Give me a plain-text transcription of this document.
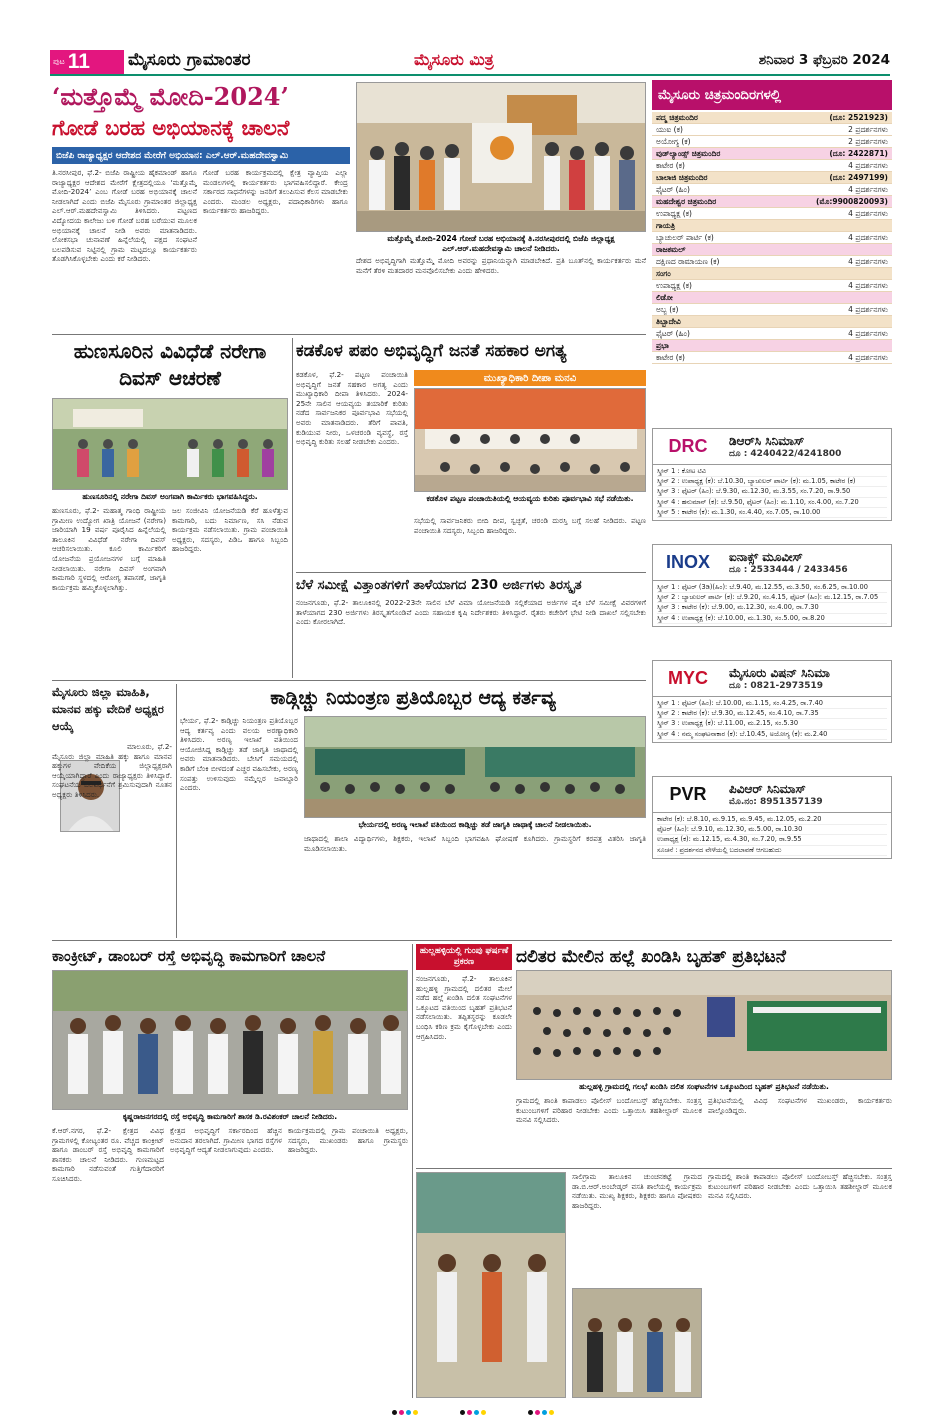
ಪುಟ 11 ಮೈಸೂರು ಗ್ರಾಮಾಂತರ	ಮೈಸೂರು ಮಿತ್ರ	ಶನಿವಾರ 3 ಫೆಬ್ರವರಿ 2024
‘ಮತ್ತೊಮ್ಮೆ ಮೋದಿ-2024’
ಗೋಡೆ ಬರಹ ಅಭಿಯಾನಕ್ಕೆ ಚಾಲನೆ
ಬಿಜೆಪಿ ರಾಜ್ಯಾಧ್ಯಕ್ಷರ ಆದೇಶದ ಮೇರೆಗೆ ಅಭಿಯಾನ: ಎಲ್.ಆರ್.ಮಹದೇವಸ್ವಾಮಿ
ತಿ.ನರಸೀಪುರ, ಫೆ.2- ಬಿಜೆಪಿ ರಾಷ್ಟ್ರೀಯ ಹೈಕಮಾಂಡ್ ಹಾಗೂ ರಾಜ್ಯಾಧ್ಯಕ್ಷರ ಆದೇಶದ ಮೇರೆಗೆ ಕ್ಷೇತ್ರದಲ್ಲಿಯೂ ‘ಮತ್ತೊಮ್ಮೆ ಮೋದಿ-2024’ ಎಂಬ ಗೋಡೆ ಬರಹ ಅಭಿಯಾನಕ್ಕೆ ಚಾಲನೆ ನೀಡಲಾಗಿದೆ ಎಂದು ಬಿಜೆಪಿ ಮೈಸೂರು ಗ್ರಾಮಾಂತರ ಜಿಲ್ಲಾಧ್ಯಕ್ಷ ಎಲ್.ಆರ್.ಮಹದೇವಸ್ವಾಮಿ ತಿಳಿಸಿದರು. ಪಟ್ಟಣದ ವಿದ್ಯೋದಯ ಕಾಲೇಜು ಬಳಿ ಗೋಡೆ ಬರಹ ಬರೆಯುವ ಮೂಲಕ ಅಭಿಯಾನಕ್ಕೆ ಚಾಲನೆ ನೀಡಿ ಅವರು ಮಾತನಾಡಿದರು. ಲೋಕಸಭಾ ಚುನಾವಣೆ ಹಿನ್ನೆಲೆಯಲ್ಲಿ ಪಕ್ಷದ ಸಂಘಟನೆ ಬಲಪಡಿಸುವ ನಿಟ್ಟಿನಲ್ಲಿ ಗ್ರಾಮ ಮಟ್ಟದಲ್ಲೂ ಕಾರ್ಯಕರ್ತರು ತೊಡಗಿಸಿಕೊಳ್ಳಬೇಕು ಎಂದು ಕರೆ ನೀಡಿದರು.
ಗೋಡೆ ಬರಹ ಕಾರ್ಯಕ್ರಮದಲ್ಲಿ ಕ್ಷೇತ್ರ ವ್ಯಾಪ್ತಿಯ ಎಲ್ಲಾ ಮಂಡಲಗಳಲ್ಲಿ ಕಾರ್ಯಕರ್ತರು ಭಾಗವಹಿಸಲಿದ್ದಾರೆ. ಕೇಂದ್ರ ಸರ್ಕಾರದ ಸಾಧನೆಗಳನ್ನು ಜನರಿಗೆ ತಲುಪಿಸುವ ಕೆಲಸ ಮಾಡಬೇಕು ಎಂದರು. ಮಂಡಲ ಅಧ್ಯಕ್ಷರು, ಪದಾಧಿಕಾರಿಗಳು ಹಾಗೂ ಕಾರ್ಯಕರ್ತರು ಹಾಜರಿದ್ದರು.
ಮತ್ತೊಮ್ಮೆ ಮೋದಿ-2024 ಗೋಡೆ ಬರಹ ಅಭಿಯಾನಕ್ಕೆ ತಿ.ನರಸೀಪುರದಲ್ಲಿ ಬಿಜೆಪಿ ಜಿಲ್ಲಾಧ್ಯಕ್ಷ ಎಲ್.ಆರ್.ಮಹದೇವಸ್ವಾಮಿ ಚಾಲನೆ ನೀಡಿದರು.
ದೇಶದ ಅಭಿವೃದ್ಧಿಗಾಗಿ ಮತ್ತೊಮ್ಮೆ ಮೋದಿ ಅವರನ್ನು ಪ್ರಧಾನಿಯನ್ನಾಗಿ ಮಾಡಬೇಕಿದೆ. ಪ್ರತಿ ಬೂತ್‌ನಲ್ಲಿ ಕಾರ್ಯಕರ್ತರು ಮನೆ ಮನೆಗೆ ತೆರಳಿ ಮತದಾರರ ಮನವೊಲಿಸಬೇಕು ಎಂದು ಹೇಳಿದರು.
ಮೈಸೂರು ಚಿತ್ರಮಂದಿರಗಳಲ್ಲಿ
ಪದ್ಮ ಚಿತ್ರಮಂದಿರ	(ದೂ: 2521923)
ಯುಐ (ಕ)	2 ಪ್ರದರ್ಶನಗಳು
ಅಯೋಗ್ಯ (ಕ)	2 ಪ್ರದರ್ಶನಗಳು
ವುಡ್‌ಲ್ಯಾಂಡ್ಸ್ ಚಿತ್ರಮಂದಿರ	(ದೂ: 2422871)
ಕಾಟೇರ (ಕ)	4 ಪ್ರದರ್ಶನಗಳು
ಬಾಲಾಜಿ ಚಿತ್ರಮಂದಿರ	(ದೂ: 2497199)
ಫೈಟರ್ (ಹಿಂ)	4 ಪ್ರದರ್ಶನಗಳು
ಮಹದೇಶ್ವರ ಚಿತ್ರಮಂದಿರ	(ಮೊ:9900820093)
ಉಪಾಧ್ಯಕ್ಷ (ಕ)	4 ಪ್ರದರ್ಶನಗಳು
ಗಾಯತ್ರಿ
ಬ್ಯಾಚುಲರ್ ಪಾರ್ಟಿ (ಕ)	4 ಪ್ರದರ್ಶನಗಳು
ರಾಜಕಮಲ್
ದಕ್ಷಿಣದ ರಾಮಾಯಣ (ಕ)	4 ಪ್ರದರ್ಶನಗಳು
ಸಂಗಂ
ಉಪಾಧ್ಯಕ್ಷ (ಕ)	4 ಪ್ರದರ್ಶನಗಳು
ಲಿಡೋ
ಅಬ್ಬ (ಕ)	4 ಪ್ರದರ್ಶನಗಳು
ತಿಬ್ಬಾದೇವಿ
ಫೈಟರ್ (ಹಿಂ)	4 ಪ್ರದರ್ಶನಗಳು
ಪ್ರಭಾ
ಕಾಟೇರ (ಕ)	4 ಪ್ರದರ್ಶನಗಳು
DRC	ಡಿಆರ್‌ಸಿ ಸಿನಿಮಾಸ್
ದೂ : 4240422/4241800
ಸ್ಕ್ರೀನ್ 1 : ಕೋಟ ಟಿವಿ
ಸ್ಕ್ರೀನ್ 2 : ಉಪಾಧ್ಯಕ್ಷ (ಕ): ಬೆ.10.30, ಬ್ಯಾಚುಲರ್ ಪಾರ್ಟಿ (ಕ): ಮ.1.05, ಕಾಟೇರ (ಕ)
ಸ್ಕ್ರೀನ್ 3 : ಫೈಟರ್ (ಹಿಂ): ಬೆ.9.30, ಮ.12.30, ಮ.3.55, ಸಂ.7.20, ರಾ.9.50
ಸ್ಕ್ರೀನ್ 4 : ಹನುಮಾನ್ (ಕ): ಬೆ.9.50, ಫೈಟರ್ (ಹಿಂ): ಮ.1.10, ಸಂ.4.00, ಸಂ.7.20
ಸ್ಕ್ರೀನ್ 5 : ಕಾಟೇರ (ಕ): ಮ.1.30, ಸಂ.4.40, ಸಂ.7.05, ರಾ.10.00
INOX	ಐನಾಕ್ಸ್ ಮೂವೀಸ್
ದೂ : 2533444 / 2433456
ಸ್ಕ್ರೀನ್ 1 : ಫೈಟರ್ (3ಡಿ)(ಹಿಂ): ಬೆ.9.40, ಮ.12.55, ಮ.3.50, ಸಂ.6.25, ರಾ.10.00
ಸ್ಕ್ರೀನ್ 2 : ಬ್ಯಾಚುಲರ್ ಪಾರ್ಟಿ (ಕ): ಬೆ.9.20, ಸಂ.4.15, ಫೈಟರ್ (ಹಿಂ): ಮ.12.15, ರಾ.7.05
ಸ್ಕ್ರೀನ್ 3 : ಕಾಟೇರ (ಕ): ಬೆ.9.00, ಮ.12.30, ಸಂ.4.00, ರಾ.7.30
ಸ್ಕ್ರೀನ್ 4 : ಉಪಾಧ್ಯಕ್ಷ (ಕ): ಬೆ.10.00, ಮ.1.30, ಸಂ.5.00, ರಾ.8.20
MYC	ಮೈಸೂರು ವಿಷನ್ ಸಿನಿಮಾ
ದೂ : 0821-2973519
ಸ್ಕ್ರೀನ್ 1 : ಫೈಟರ್ (ಹಿಂ): ಬೆ.10.00, ಮ.1.15, ಸಂ.4.25, ರಾ.7.40
ಸ್ಕ್ರೀನ್ 2 : ಕಾಟೇರ (ಕ): ಬೆ.9.30, ಮ.12.45, ಸಂ.4.10, ರಾ.7.35
ಸ್ಕ್ರೀನ್ 3 : ಉಪಾಧ್ಯಕ್ಷ (ಕ): ಬೆ.11.00, ಮ.2.15, ಸಂ.5.30
ಸ್ಕ್ರೀನ್ 4 : ನಮ್ಮ ಸಂಘಟನಾಕಾರ (ಕ): ಬೆ.10.45, ಅಯೋಗ್ಯ (ಕ): ಮ.2.40
PVR	ಪಿವಿಆರ್ ಸಿನಿಮಾಸ್
ಮೊ.ನಂ: 8951357139
ಕಾಟೇರ (ಕ): ಬೆ.8.10, ಮ.9.15, ಮ.9.45, ಮ.12.05, ಮ.2.20
ಫೈಟರ್ (ಹಿಂ): ಬೆ.9.10, ಮ.12.30, ಮ.5.00, ರಾ.10.30
ಉಪಾಧ್ಯಕ್ಷ (ಕ): ಮ.12.15, ಮ.4.30, ಸಂ.7.20, ರಾ.9.55
ಸೂಚನೆ : ಪ್ರದರ್ಶನದ ವೇಳೆಯಲ್ಲಿ ಬದಲಾವಣೆ ಆಗಬಹುದು
ಹುಣಸೂರಿನ ವಿವಿಧೆಡೆ ನರೇಗಾ ದಿವಸ್ ಆಚರಣೆ
ಹುಣಸೂರಿನಲ್ಲಿ ನರೇಗಾ ದಿವಸ್ ಅಂಗವಾಗಿ ಕಾರ್ಮಿಕರು ಭಾಗವಹಿಸಿದ್ದರು.
ಹುಣಸೂರು, ಫೆ.2- ಮಹಾತ್ಮ ಗಾಂಧಿ ರಾಷ್ಟ್ರೀಯ ಗ್ರಾಮೀಣ ಉದ್ಯೋಗ ಖಾತ್ರಿ ಯೋಜನೆ (ನರೇಗಾ) ಜಾರಿಯಾಗಿ 19 ವರ್ಷ ಪೂರೈಸಿದ ಹಿನ್ನೆಲೆಯಲ್ಲಿ ತಾಲೂಕಿನ ವಿವಿಧೆಡೆ ನರೇಗಾ ದಿವಸ್ ಆಚರಿಸಲಾಯಿತು. ಕೂಲಿ ಕಾರ್ಮಿಕರಿಗೆ ಯೋಜನೆಯ ಪ್ರಯೋಜನಗಳ ಬಗ್ಗೆ ಮಾಹಿತಿ ನೀಡಲಾಯಿತು. ನರೇಗಾ ದಿವಸ್ ಅಂಗವಾಗಿ ಕಾಮಗಾರಿ ಸ್ಥಳದಲ್ಲಿ ಆರೋಗ್ಯ ತಪಾಸಣೆ, ಜಾಗೃತಿ ಕಾರ್ಯಕ್ರಮ ಹಮ್ಮಿಕೊಳ್ಳಲಾಗಿತ್ತು.
ಜಲ ಸಂಜೀವಿನಿ ಯೋಜನೆಯಡಿ ಕೆರೆ ಹೂಳೆತ್ತುವ ಕಾಮಗಾರಿ, ಬದು ನಿರ್ಮಾಣ, ಸಸಿ ನೆಡುವ ಕಾರ್ಯಕ್ರಮ ನಡೆಸಲಾಯಿತು. ಗ್ರಾಮ ಪಂಚಾಯಿತಿ ಅಧ್ಯಕ್ಷರು, ಸದಸ್ಯರು, ಪಿಡಿಒ ಹಾಗೂ ಸಿಬ್ಬಂದಿ ಹಾಜರಿದ್ದರು.
ಕಡಕೊಳ ಪಪಂ ಅಭಿವೃದ್ಧಿಗೆ ಜನತೆ ಸಹಕಾರ ಅಗತ್ಯ
ಕಡಕೊಳ, ಫೆ.2- ಪಟ್ಟಣ ಪಂಚಾಯಿತಿ ಅಭಿವೃದ್ಧಿಗೆ ಜನತೆ ಸಹಕಾರ ಅಗತ್ಯ ಎಂದು ಮುಖ್ಯಾಧಿಕಾರಿ ದೀಪಾ ತಿಳಿಸಿದರು. 2024-25ನೇ ಸಾಲಿನ ಆಯವ್ಯಯ ತಯಾರಿಕೆ ಕುರಿತು ನಡೆದ ಸಾರ್ವಜನಿಕರ ಪೂರ್ವಭಾವಿ ಸಭೆಯಲ್ಲಿ ಅವರು ಮಾತನಾಡಿದರು. ತೆರಿಗೆ ಪಾವತಿ, ಕುಡಿಯುವ ನೀರು, ಒಳಚರಂಡಿ ವ್ಯವಸ್ಥೆ, ರಸ್ತೆ ಅಭಿವೃದ್ಧಿ ಕುರಿತು ಸಲಹೆ ನೀಡಬೇಕು ಎಂದರು.
ಮುಖ್ಯಾಧಿಕಾರಿ ದೀಪಾ ಮನವಿ
ಕಡಕೊಳ ಪಟ್ಟಣ ಪಂಚಾಯಿತಿಯಲ್ಲಿ ಆಯವ್ಯಯ ಕುರಿತು ಪೂರ್ವಭಾವಿ ಸಭೆ ನಡೆಯಿತು.
ಸಭೆಯಲ್ಲಿ ಸಾರ್ವಜನಿಕರು ಬೀದಿ ದೀಪ, ಸ್ವಚ್ಛತೆ, ಚರಂಡಿ ದುರಸ್ತಿ ಬಗ್ಗೆ ಸಲಹೆ ನೀಡಿದರು. ಪಟ್ಟಣ ಪಂಚಾಯಿತಿ ಸದಸ್ಯರು, ಸಿಬ್ಬಂದಿ ಹಾಜರಿದ್ದರು.
ಬೆಳೆ ಸಮೀಕ್ಷೆ ವಿತ್ತಾಂತಗಳಿಗೆ ತಾಳೆಯಾಗದ 230 ಅರ್ಜಿಗಳು ತಿರಸ್ಕೃತ
ನಂಜನಗೂಡು, ಫೆ.2- ತಾಲೂಕಿನಲ್ಲಿ 2022-23ನೇ ಸಾಲಿನ ಬೆಳೆ ವಿಮಾ ಯೋಜನೆಯಡಿ ಸಲ್ಲಿಕೆಯಾದ ಅರ್ಜಿಗಳ ಪೈಕಿ ಬೆಳೆ ಸಮೀಕ್ಷೆ ವಿವರಗಳಿಗೆ ತಾಳೆಯಾಗದ 230 ಅರ್ಜಿಗಳು ತಿರಸ್ಕೃತಗೊಂಡಿವೆ ಎಂದು ಸಹಾಯಕ ಕೃಷಿ ನಿರ್ದೇಶಕರು ತಿಳಿಸಿದ್ದಾರೆ. ರೈತರು ಕಚೇರಿಗೆ ಭೇಟಿ ನೀಡಿ ದಾಖಲೆ ಸಲ್ಲಿಸಬೇಕು ಎಂದು ಕೋರಲಾಗಿದೆ.
ಮೈಸೂರು ಜಿಲ್ಲಾ ಮಾಹಿತಿ, ಮಾನವ ಹಕ್ಕು ವೇದಿಕೆ ಅಧ್ಯಕ್ಷರ ಆಯ್ಕೆ
ಮಾಲೂರು, ಫೆ.2- ಮೈಸೂರು ಜಿಲ್ಲಾ ಮಾಹಿತಿ ಹಕ್ಕು ಹಾಗೂ ಮಾನವ ಹಕ್ಕುಗಳ ವೇದಿಕೆಯ ಜಿಲ್ಲಾಧ್ಯಕ್ಷರಾಗಿ ಆಯ್ಕೆಯಾಗಿದ್ದಾರೆ ಎಂದು ರಾಜ್ಯಾಧ್ಯಕ್ಷರು ತಿಳಿಸಿದ್ದಾರೆ. ಸಂಘಟನೆಯ ಬಲವರ್ಧನೆಗೆ ಶ್ರಮಿಸುವುದಾಗಿ ನೂತನ ಅಧ್ಯಕ್ಷರು ತಿಳಿಸಿದರು.
ಕಾಡ್ಗಿಚ್ಚು ನಿಯಂತ್ರಣ ಪ್ರತಿಯೊಬ್ಬರ ಆದ್ಯ ಕರ್ತವ್ಯ
ಭೇರ್ಯ, ಫೆ.2- ಕಾಡ್ಗಿಚ್ಚು ನಿಯಂತ್ರಣ ಪ್ರತಿಯೊಬ್ಬರ ಆದ್ಯ ಕರ್ತವ್ಯ ಎಂದು ವಲಯ ಅರಣ್ಯಾಧಿಕಾರಿ ತಿಳಿಸಿದರು. ಅರಣ್ಯ ಇಲಾಖೆ ವತಿಯಿಂದ ಆಯೋಜಿಸಿದ್ದ ಕಾಡ್ಗಿಚ್ಚು ತಡೆ ಜಾಗೃತಿ ಜಾಥಾದಲ್ಲಿ ಅವರು ಮಾತನಾಡಿದರು. ಬೇಸಿಗೆ ಸಮಯದಲ್ಲಿ ಕಾಡಿಗೆ ಬೆಂಕಿ ಬೀಳದಂತೆ ಎಚ್ಚರ ವಹಿಸಬೇಕು, ಅರಣ್ಯ ಸಂಪತ್ತು ಉಳಿಸುವುದು ನಮ್ಮೆಲ್ಲರ ಜವಾಬ್ದಾರಿ ಎಂದರು.
ಭೇರ್ಯದಲ್ಲಿ ಅರಣ್ಯ ಇಲಾಖೆ ವತಿಯಿಂದ ಕಾಡ್ಗಿಚ್ಚು ತಡೆ ಜಾಗೃತಿ ಜಾಥಾಕ್ಕೆ ಚಾಲನೆ ನೀಡಲಾಯಿತು.
ಜಾಥಾದಲ್ಲಿ ಶಾಲಾ ವಿದ್ಯಾರ್ಥಿಗಳು, ಶಿಕ್ಷಕರು, ಇಲಾಖೆ ಸಿಬ್ಬಂದಿ ಭಾಗವಹಿಸಿ ಘೋಷಣೆ ಕೂಗಿದರು. ಗ್ರಾಮಸ್ಥರಿಗೆ ಕರಪತ್ರ ವಿತರಿಸಿ ಜಾಗೃತಿ ಮೂಡಿಸಲಾಯಿತು.
ಕಾಂಕ್ರೀಟ್, ಡಾಂಬರ್ ರಸ್ತೆ ಅಭಿವೃದ್ಧಿ ಕಾಮಗಾರಿಗೆ ಚಾಲನೆ
ಕೃಷ್ಣರಾಜನಗರದಲ್ಲಿ ರಸ್ತೆ ಅಭಿವೃದ್ಧಿ ಕಾಮಗಾರಿಗೆ ಶಾಸಕ ಡಿ.ರವಿಶಂಕರ್ ಚಾಲನೆ ನೀಡಿದರು.
ಕೆ.ಆರ್.ನಗರ, ಫೆ.2- ಕ್ಷೇತ್ರದ ವಿವಿಧ ಗ್ರಾಮಗಳಲ್ಲಿ ಕೋಟ್ಯಂತರ ರೂ. ವೆಚ್ಚದ ಕಾಂಕ್ರೀಟ್ ಹಾಗೂ ಡಾಂಬರ್ ರಸ್ತೆ ಅಭಿವೃದ್ಧಿ ಕಾಮಗಾರಿಗೆ ಶಾಸಕರು ಚಾಲನೆ ನೀಡಿದರು. ಗುಣಮಟ್ಟದ ಕಾಮಗಾರಿ ನಡೆಸುವಂತೆ ಗುತ್ತಿಗೆದಾರರಿಗೆ ಸೂಚಿಸಿದರು.
ಕ್ಷೇತ್ರದ ಅಭಿವೃದ್ಧಿಗೆ ಸರ್ಕಾರದಿಂದ ಹೆಚ್ಚಿನ ಅನುದಾನ ತರಲಾಗಿದೆ. ಗ್ರಾಮೀಣ ಭಾಗದ ರಸ್ತೆಗಳ ಅಭಿವೃದ್ಧಿಗೆ ಆದ್ಯತೆ ನೀಡಲಾಗುವುದು ಎಂದರು.
ಕಾರ್ಯಕ್ರಮದಲ್ಲಿ ಗ್ರಾಮ ಪಂಚಾಯಿತಿ ಅಧ್ಯಕ್ಷರು, ಸದಸ್ಯರು, ಮುಖಂಡರು ಹಾಗೂ ಗ್ರಾಮಸ್ಥರು ಹಾಜರಿದ್ದರು.
ಹುಲ್ಲಹಳ್ಳಿಯಲ್ಲಿ ಗುಂಪು ಘರ್ಷಣೆ ಪ್ರಕರಣ	ದಲಿತರ ಮೇಲಿನ ಹಲ್ಲೆ ಖಂಡಿಸಿ ಬೃಹತ್ ಪ್ರತಿಭಟನೆ
ನಂಜನಗೂಡು, ಫೆ.2- ತಾಲೂಕಿನ ಹುಲ್ಲಹಳ್ಳಿ ಗ್ರಾಮದಲ್ಲಿ ದಲಿತರ ಮೇಲೆ ನಡೆದ ಹಲ್ಲೆ ಖಂಡಿಸಿ ದಲಿತ ಸಂಘಟನೆಗಳ ಒಕ್ಕೂಟದ ವತಿಯಿಂದ ಬೃಹತ್ ಪ್ರತಿಭಟನೆ ನಡೆಸಲಾಯಿತು. ತಪ್ಪಿತಸ್ಥರನ್ನು ಕೂಡಲೇ ಬಂಧಿಸಿ ಕಠಿಣ ಕ್ರಮ ಕೈಗೊಳ್ಳಬೇಕು ಎಂದು ಆಗ್ರಹಿಸಿದರು.
ಹುಲ್ಲಹಳ್ಳಿ ಗ್ರಾಮದಲ್ಲಿ ಗಲಭೆ ಖಂಡಿಸಿ ದಲಿತ ಸಂಘಟನೆಗಳ ಒಕ್ಕೂಟದಿಂದ ಬೃಹತ್ ಪ್ರತಿಭಟನೆ ನಡೆಯಿತು.
ಗ್ರಾಮದಲ್ಲಿ ಶಾಂತಿ ಕಾಪಾಡಲು ಪೊಲೀಸ್ ಬಂದೋಬಸ್ತ್ ಹೆಚ್ಚಿಸಬೇಕು. ಸಂತ್ರಸ್ತ ಕುಟುಂಬಗಳಿಗೆ ಪರಿಹಾರ ನೀಡಬೇಕು ಎಂದು ಒತ್ತಾಯಿಸಿ ತಹಶೀಲ್ದಾರ್ ಮೂಲಕ ಮನವಿ ಸಲ್ಲಿಸಿದರು.
ಪ್ರತಿಭಟನೆಯಲ್ಲಿ ವಿವಿಧ ಸಂಘಟನೆಗಳ ಮುಖಂಡರು, ಕಾರ್ಯಕರ್ತರು ಪಾಲ್ಗೊಂಡಿದ್ದರು.
ಸಾಲಿಗ್ರಾಮ ತಾಲೂಕಿನ ಚುಂಚನಕಟ್ಟೆ ಗ್ರಾಮದ ಡಾ.ಬಿ.ಆರ್.ಅಂಬೇಡ್ಕರ್ ವಸತಿ ಶಾಲೆಯಲ್ಲಿ ಕಾರ್ಯಕ್ರಮ ನಡೆಯಿತು. ಮುಖ್ಯ ಶಿಕ್ಷಕರು, ಶಿಕ್ಷಕರು ಹಾಗೂ ಪೋಷಕರು ಹಾಜರಿದ್ದರು.
ಗ್ರಾಮದಲ್ಲಿ ಶಾಂತಿ ಕಾಪಾಡಲು ಪೊಲೀಸ್ ಬಂದೋಬಸ್ತ್ ಹೆಚ್ಚಿಸಬೇಕು. ಸಂತ್ರಸ್ತ ಕುಟುಂಬಗಳಿಗೆ ಪರಿಹಾರ ನೀಡಬೇಕು ಎಂದು ಒತ್ತಾಯಿಸಿ ತಹಶೀಲ್ದಾರ್ ಮೂಲಕ ಮನವಿ ಸಲ್ಲಿಸಿದರು.
